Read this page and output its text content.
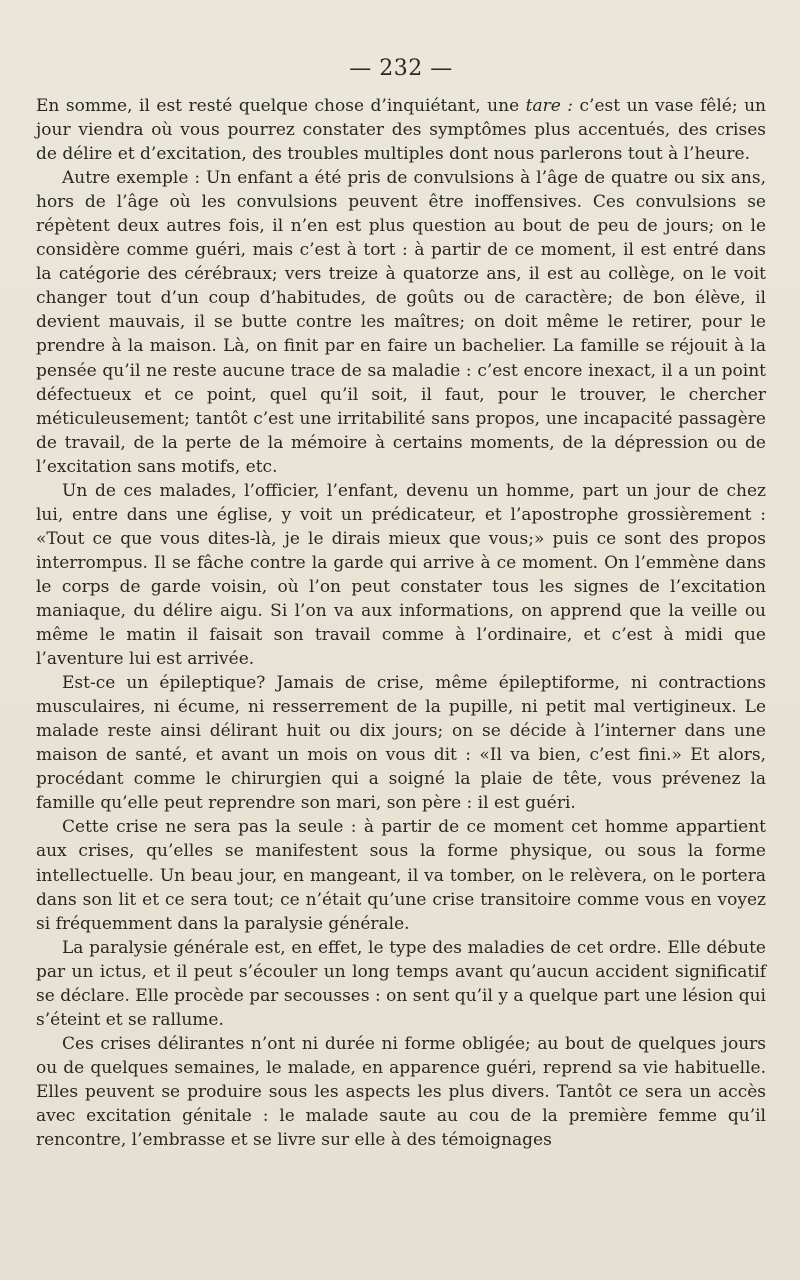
— 232 —

En somme, il est resté quelque chose d’inquiétant, une tare : c’est un vase fêlé; un jour viendra où vous pourrez constater des symptômes plus accentués, des crises de délire et d’excitation, des troubles multiples dont nous parlerons tout à l’heure.

Autre exemple : Un enfant a été pris de convulsions à l’âge de quatre ou six ans, hors de l’âge où les convulsions peuvent être inoffensives. Ces convulsions se répètent deux autres fois, il n’en est plus question au bout de peu de jours; on le considère comme guéri, mais c’est à tort : à partir de ce moment, il est entré dans la catégorie des cérébraux; vers treize à quatorze ans, il est au collège, on le voit changer tout d’un coup d’habitudes, de goûts ou de caractère; de bon élève, il devient mauvais, il se butte contre les maîtres; on doit même le retirer, pour le prendre à la maison. Là, on finit par en faire un bachelier. La famille se réjouit à la pensée qu’il ne reste aucune trace de sa maladie : c’est encore inexact, il a un point défectueux et ce point, quel qu’il soit, il faut, pour le trouver, le chercher méticuleusement; tantôt c’est une irritabilité sans propos, une incapacité passagère de travail, de la perte de la mémoire à certains moments, de la dépression ou de l’excitation sans motifs, etc.

Un de ces malades, l’officier, l’enfant, devenu un homme, part un jour de chez lui, entre dans une église, y voit un prédicateur, et l’apostrophe grossièrement : «Tout ce que vous dites-là, je le dirais mieux que vous;» puis ce sont des propos interrompus. Il se fâche contre la garde qui arrive à ce moment. On l’emmène dans le corps de garde voisin, où l’on peut constater tous les signes de l’excitation maniaque, du délire aigu. Si l’on va aux informations, on apprend que la veille ou même le matin il faisait son travail comme à l’ordinaire, et c’est à midi que l’aventure lui est arrivée.

Est-ce un épileptique? Jamais de crise, même épileptiforme, ni contractions musculaires, ni écume, ni resserrement de la pupille, ni petit mal vertigineux. Le malade reste ainsi délirant huit ou dix jours; on se décide à l’interner dans une maison de santé, et avant un mois on vous dit : «Il va bien, c’est fini.» Et alors, procédant comme le chirurgien qui a soigné la plaie de tête, vous prévenez la famille qu’elle peut reprendre son mari, son père : il est guéri.

Cette crise ne sera pas la seule : à partir de ce moment cet homme appartient aux crises, qu’elles se manifestent sous la forme physique, ou sous la forme intellectuelle. Un beau jour, en mangeant, il va tomber, on le relèvera, on le portera dans son lit et ce sera tout; ce n’était qu’une crise transitoire comme vous en voyez si fréquemment dans la paralysie générale.

La paralysie générale est, en effet, le type des maladies de cet ordre. Elle débute par un ictus, et il peut s’écouler un long temps avant qu’aucun accident significatif se déclare. Elle procède par secousses : on sent qu’il y a quelque part une lésion qui s’éteint et se rallume.

Ces crises délirantes n’ont ni durée ni forme obligée; au bout de quelques jours ou de quelques semaines, le malade, en apparence guéri, reprend sa vie habituelle. Elles peuvent se produire sous les aspects les plus divers. Tantôt ce sera un accès avec excitation génitale : le malade saute au cou de la première femme qu’il rencontre, l’embrasse et se livre sur elle à des témoignages
